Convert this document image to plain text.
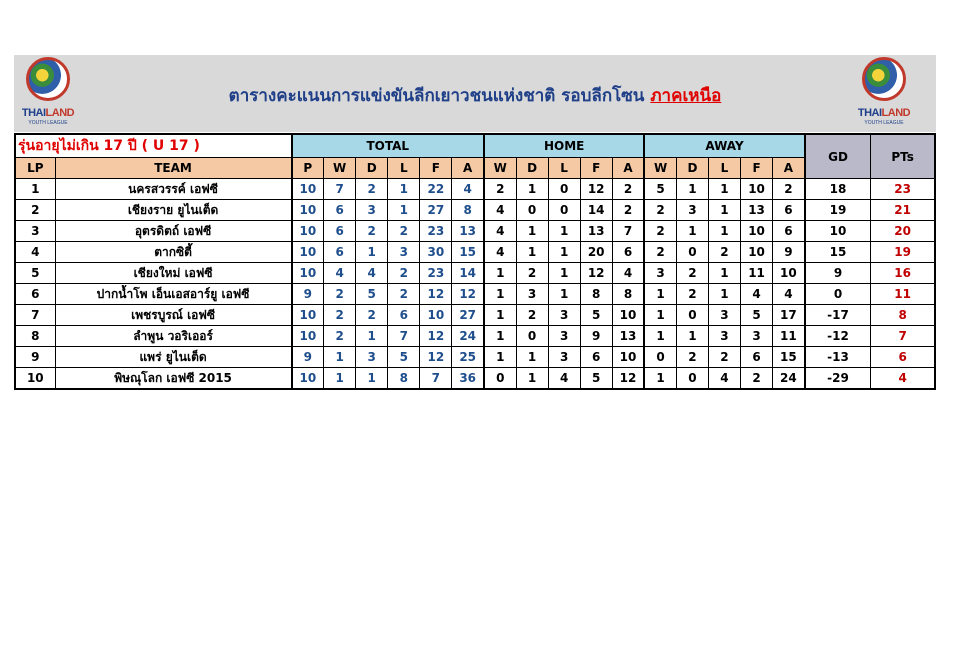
THAILAND
YOUTH LEAGUE
ตารางคะแนนการแข่งขันลีกเยาวชนแห่งชาติ รอบลีกโซน ภาคเหนือ
THAILAND
YOUTH LEAGUE
รุ่นอายุไม่เกิน 17 ปี ( U 17 )		TOTAL						HOME					AWAY					GD	PTs
LP	TEAM	P	W	D	L	F	A	W	D	L	F	A	W	D	L	F	A		
1	นครสวรรค์ เอฟซี	10	7	2	1	22	4	2	1	0	12	2	5	1	1	10	2	18	23
2	เชียงราย ยูไนเต็ด	10	6	3	1	27	8	4	0	0	14	2	2	3	1	13	6	19	21
3	อุตรดิตถ์ เอฟซี	10	6	2	2	23	13	4	1	1	13	7	2	1	1	10	6	10	20
4	ตากซิตี้	10	6	1	3	30	15	4	1	1	20	6	2	0	2	10	9	15	19
5	เชียงใหม่ เอฟซี	10	4	4	2	23	14	1	2	1	12	4	3	2	1	11	10	9	16
6	ปากน้ำโพ เอ็นเอสอาร์ยู เอฟซี	9	2	5	2	12	12	1	3	1	8	8	1	2	1	4	4	0	11
7	เพชรบูรณ์ เอฟซี	10	2	2	6	10	27	1	2	3	5	10	1	0	3	5	17	-17	8
8	ลำพูน วอริเออร์	10	2	1	7	12	24	1	0	3	9	13	1	1	3	3	11	-12	7
9	แพร่ ยูไนเต็ด	9	1	3	5	12	25	1	1	3	6	10	0	2	2	6	15	-13	6
10	พิษณุโลก เอฟซี 2015	10	1	1	8	7	36	0	1	4	5	12	1	0	4	2	24	-29	4
